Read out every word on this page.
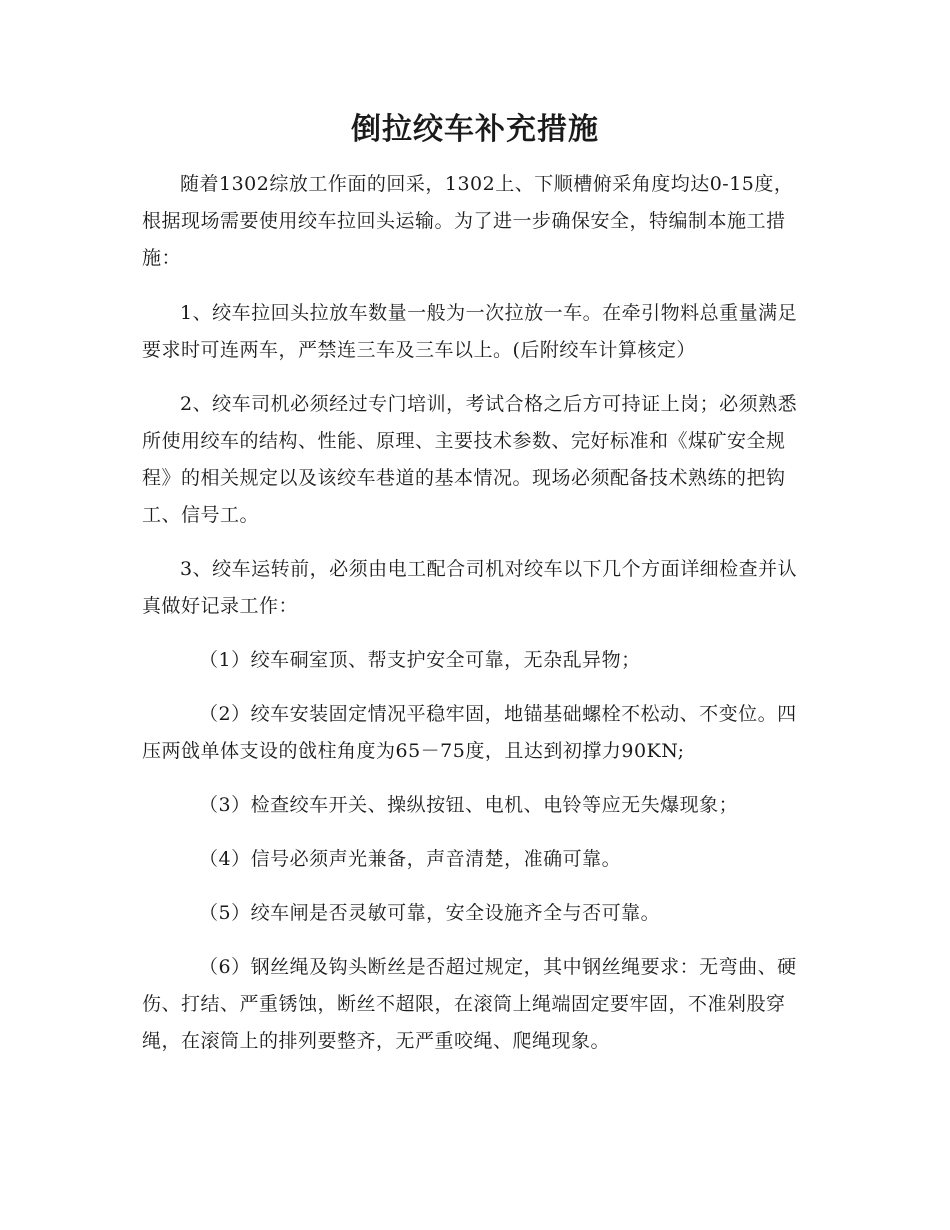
倒拉绞车补充措施

随着1302综放工作面的回采，1302上、下顺槽俯采角度均达0-15度，根据现场需要使用绞车拉回头运输。为了进一步确保安全，特编制本施工措施：

1、绞车拉回头拉放车数量一般为一次拉放一车。在牵引物料总重量满足要求时可连两车，严禁连三车及三车以上。(后附绞车计算核定）

2、绞车司机必须经过专门培训，考试合格之后方可持证上岗；必须熟悉所使用绞车的结构、性能、原理、主要技术参数、完好标准和《煤矿安全规程》的相关规定以及该绞车巷道的基本情况。现场必须配备技术熟练的把钩工、信号工。

3、绞车运转前，必须由电工配合司机对绞车以下几个方面详细检查并认真做好记录工作：

（1）绞车硐室顶、帮支护安全可靠，无杂乱异物；

（2）绞车安装固定情况平稳牢固，地锚基础螺栓不松动、不变位。四压两戗单体支设的戗柱角度为65－75度，且达到初撑力90KN;

（3）检查绞车开关、操纵按钮、电机、电铃等应无失爆现象；

（4）信号必须声光兼备，声音清楚，准确可靠。

（5）绞车闸是否灵敏可靠，安全设施齐全与否可靠。

（6）钢丝绳及钩头断丝是否超过规定，其中钢丝绳要求：无弯曲、硬伤、打结、严重锈蚀，断丝不超限，在滚筒上绳端固定要牢固，不准剁股穿绳，在滚筒上的排列要整齐，无严重咬绳、爬绳现象。
